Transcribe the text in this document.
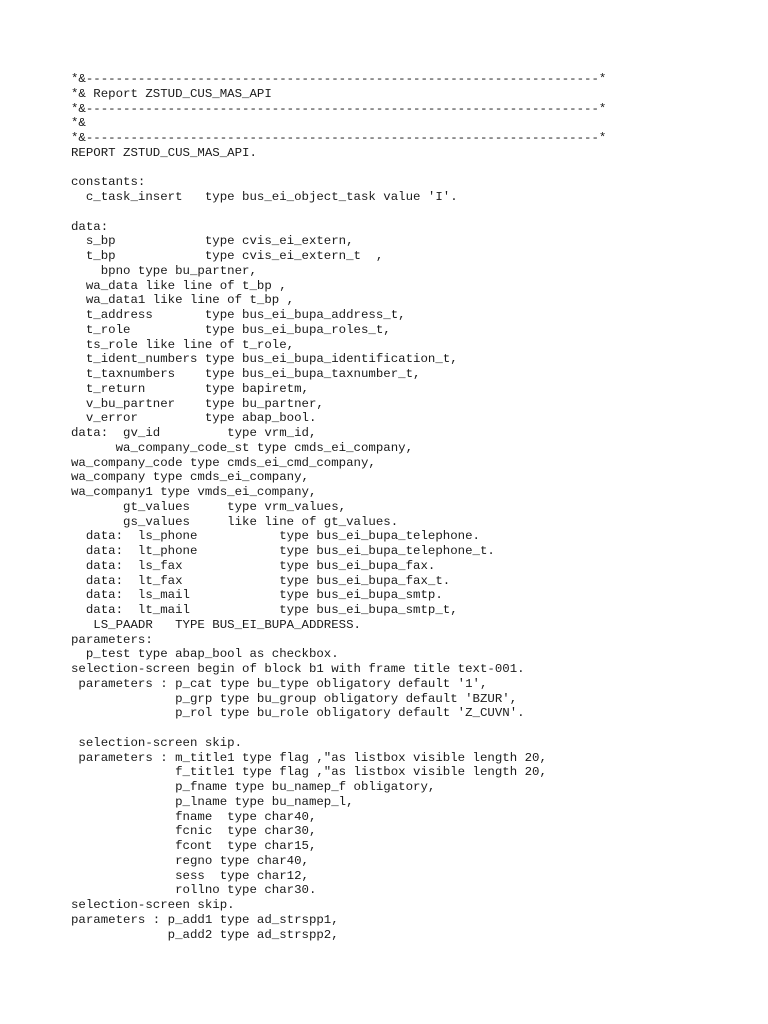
*&---------------------------------------------------------------------*
*& Report ZSTUD_CUS_MAS_API
*&---------------------------------------------------------------------*
*&
*&---------------------------------------------------------------------*
REPORT ZSTUD_CUS_MAS_API.
constants:
c_task_insert   type bus_ei_object_task value 'I'.
data:
s_bp            type cvis_ei_extern,
t_bp            type cvis_ei_extern_t  ,
bpno type bu_partner,
wa_data like line of t_bp ,
wa_data1 like line of t_bp ,
t_address       type bus_ei_bupa_address_t,
t_role          type bus_ei_bupa_roles_t,
ts_role like line of t_role,
t_ident_numbers type bus_ei_bupa_identification_t,
t_taxnumbers    type bus_ei_bupa_taxnumber_t,
t_return        type bapiretm,
v_bu_partner    type bu_partner,
v_error         type abap_bool.
data:  gv_id         type vrm_id,
wa_company_code_st type cmds_ei_company,
wa_company_code type cmds_ei_cmd_company,
wa_company type cmds_ei_company,
wa_company1 type vmds_ei_company,
gt_values     type vrm_values,
gs_values     like line of gt_values.
data:  ls_phone           type bus_ei_bupa_telephone.
data:  lt_phone           type bus_ei_bupa_telephone_t.
data:  ls_fax             type bus_ei_bupa_fax.
data:  lt_fax             type bus_ei_bupa_fax_t.
data:  ls_mail            type bus_ei_bupa_smtp.
data:  lt_mail            type bus_ei_bupa_smtp_t,
LS_PAADR   TYPE BUS_EI_BUPA_ADDRESS.
parameters:
p_test type abap_bool as checkbox.
selection-screen begin of block b1 with frame title text-001.
parameters : p_cat type bu_type obligatory default '1',
p_grp type bu_group obligatory default 'BZUR',
p_rol type bu_role obligatory default 'Z_CUVN'.
selection-screen skip.
parameters : m_title1 type flag ,"as listbox visible length 20,
f_title1 type flag ,"as listbox visible length 20,
p_fname type bu_namep_f obligatory,
p_lname type bu_namep_l,
fname  type char40,
fcnic  type char30,
fcont  type char15,
regno type char40,
sess  type char12,
rollno type char30.
selection-screen skip.
parameters : p_add1 type ad_strspp1,
p_add2 type ad_strspp2,
